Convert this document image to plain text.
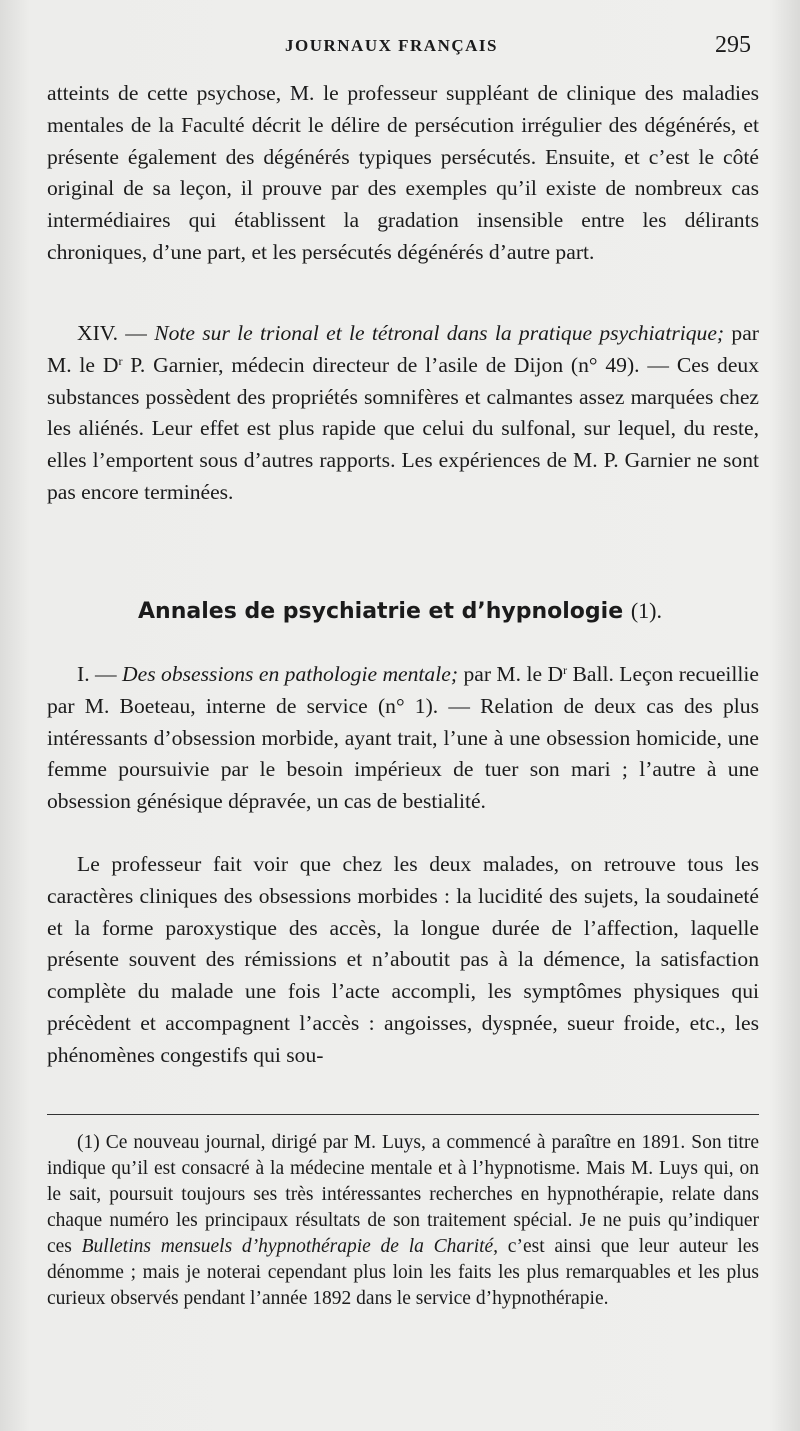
JOURNAUX FRANÇAIS	295

atteints de cette psychose, M. le professeur suppléant de clinique des maladies mentales de la Faculté décrit le délire de persécution irrégulier des dégénérés, et présente également des dégénérés typiques persécutés. Ensuite, et c’est le côté original de sa leçon, il prouve par des exemples qu’il existe de nombreux cas intermédiaires qui établissent la gradation insensible entre les délirants chroniques, d’une part, et les persécutés dégénérés d’autre part.

XIV. — Note sur le trional et le tétronal dans la pratique psychiatrique; par M. le $D^r$ P. Garnier, médecin directeur de l’asile de Dijon (n° 49). — Ces deux substances possèdent des propriétés somnifères et calmantes assez marquées chez les aliénés. Leur effet est plus rapide que celui du sulfonal, sur lequel, du reste, elles l’emportent sous d’autres rapports. Les expériences de M. P. Garnier ne sont pas encore terminées.

Annales de psychiatrie et d’hypnologie (1).

I. — Des obsessions en pathologie mentale; par M. le $D^r$ Ball. Leçon recueillie par M. Boeteau, interne de service (n° 1). — Relation de deux cas des plus intéressants d’obsession morbide, ayant trait, l’une à une obsession homicide, une femme poursuivie par le besoin impérieux de tuer son mari ; l’autre à une obsession génésique dépravée, un cas de bestialité.

Le professeur fait voir que chez les deux malades, on retrouve tous les caractères cliniques des obsessions morbides : la lucidité des sujets, la soudaineté et la forme paroxystique des accès, la longue durée de l’affection, laquelle présente souvent des rémissions et n’aboutit pas à la démence, la satisfaction complète du malade une fois l’acte accompli, les symptômes physiques qui précèdent et accompagnent l’accès : angoisses, dyspnée, sueur froide, etc., les phénomènes congestifs qui sou-

(1) Ce nouveau journal, dirigé par M. Luys, a commencé à paraître en 1891. Son titre indique qu’il est consacré à la médecine mentale et à l’hypnotisme. Mais M. Luys qui, on le sait, poursuit toujours ses très intéressantes recherches en hypnothérapie, relate dans chaque numéro les principaux résultats de son traitement spécial. Je ne puis qu’indiquer ces Bulletins mensuels d’hypnothérapie de la Charité, c’est ainsi que leur auteur les dénomme ; mais je noterai cependant plus loin les faits les plus remarquables et les plus curieux observés pendant l’année 1892 dans le service d’hypnothérapie.
